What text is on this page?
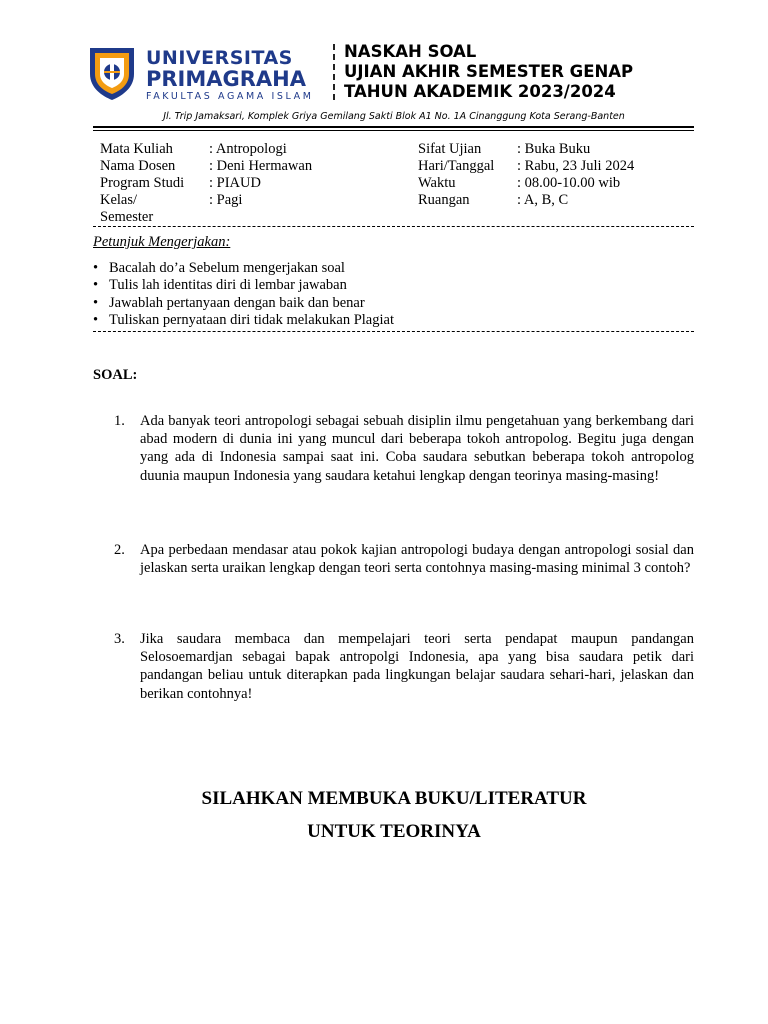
UNIVERSITAS
PRIMAGRAHA
FAKULTAS AGAMA ISLAM
NASKAH SOAL
UJIAN AKHIR SEMESTER GENAP
TAHUN AKADEMIK 2023/2024
Jl. Trip Jamaksari, Komplek Griya Gemilang Sakti Blok A1 No. 1A Cinanggung Kota Serang-Banten
Mata Kuliah : Antropologi
Nama Dosen : Deni Hermawan
Program Studi : PIAUD
Kelas/	: Pagi
Semester
Sifat Ujian : Buka Buku
Hari/Tanggal : Rabu, 23 Juli 2024
Waktu	: 08.00-10.00 wib
Ruangan	: A, B, C
Petunjuk Mengerjakan:
• Bacalah do’a Sebelum mengerjakan soal
• Tulis lah identitas diri di lembar jawaban
• Jawablah pertanyaan dengan baik dan benar
• Tuliskan pernyataan diri tidak melakukan Plagiat
SOAL:
1. Ada banyak teori antropologi sebagai sebuah disiplin ilmu pengetahuan yang berkembang dari abad modern di dunia ini yang muncul dari beberapa tokoh antropolog. Begitu juga dengan yang ada di Indonesia sampai saat ini. Coba saudara sebutkan beberapa tokoh antropolog duunia maupun Indonesia yang saudara ketahui lengkap dengan teorinya masing-masing!
2. Apa perbedaan mendasar atau pokok kajian antropologi budaya dengan antropologi sosial dan jelaskan serta uraikan lengkap dengan teori serta contohnya masing-masing minimal 3 contoh?
3. Jika saudara membaca dan mempelajari teori serta pendapat maupun pandangan Selosoemardjan sebagai bapak antropolgi Indonesia, apa yang bisa saudara petik dari pandangan beliau untuk diterapkan pada lingkungan belajar saudara sehari-hari, jelaskan dan berikan contohnya!
SILAHKAN MEMBUKA BUKU/LITERATUR
UNTUK TEORINYA
